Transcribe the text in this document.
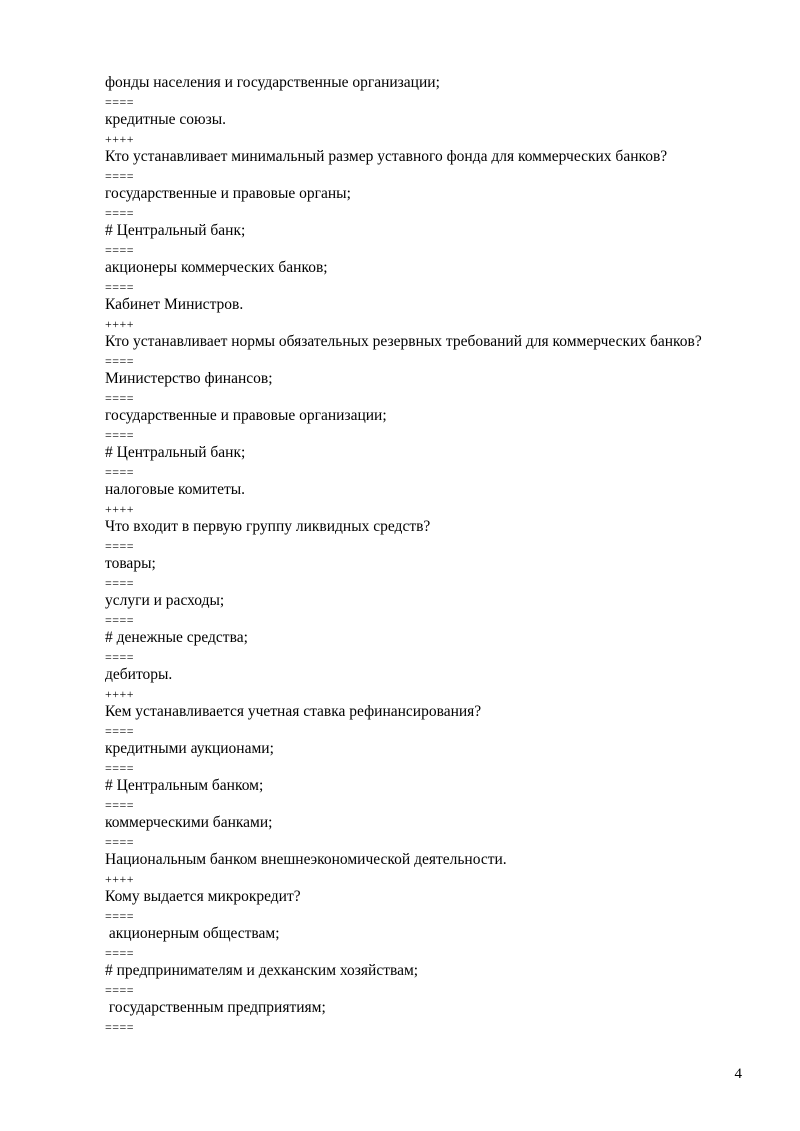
фонды населения и государственные организации;
====
кредитные союзы.
++++
Кто устанавливает минимальный размер уставного фонда для коммерческих банков?
====
государственные и правовые органы;
====
# Центральный банк;
====
акционеры коммерческих банков;
====
Кабинет Министров.
++++
Кто устанавливает нормы обязательных резервных требований для коммерческих банков?
====
Министерство финансов;
====
государственные и правовые организации;
====
# Центральный банк;
====
налоговые комитеты.
++++
Что входит в первую группу ликвидных средств?
====
товары;
====
услуги и расходы;
====
# денежные средства;
====
дебиторы.
++++
Кем устанавливается учетная ставка рефинансирования?
====
кредитными аукционами;
====
# Центральным банком;
====
коммерческими банками;
====
Национальным банком внешнеэкономической деятельности.
++++
Кому выдается микрокредит?
====
акционерным обществам;
====
# предпринимателям и дехканским хозяйствам;
====
государственным предприятиям;
====
4
